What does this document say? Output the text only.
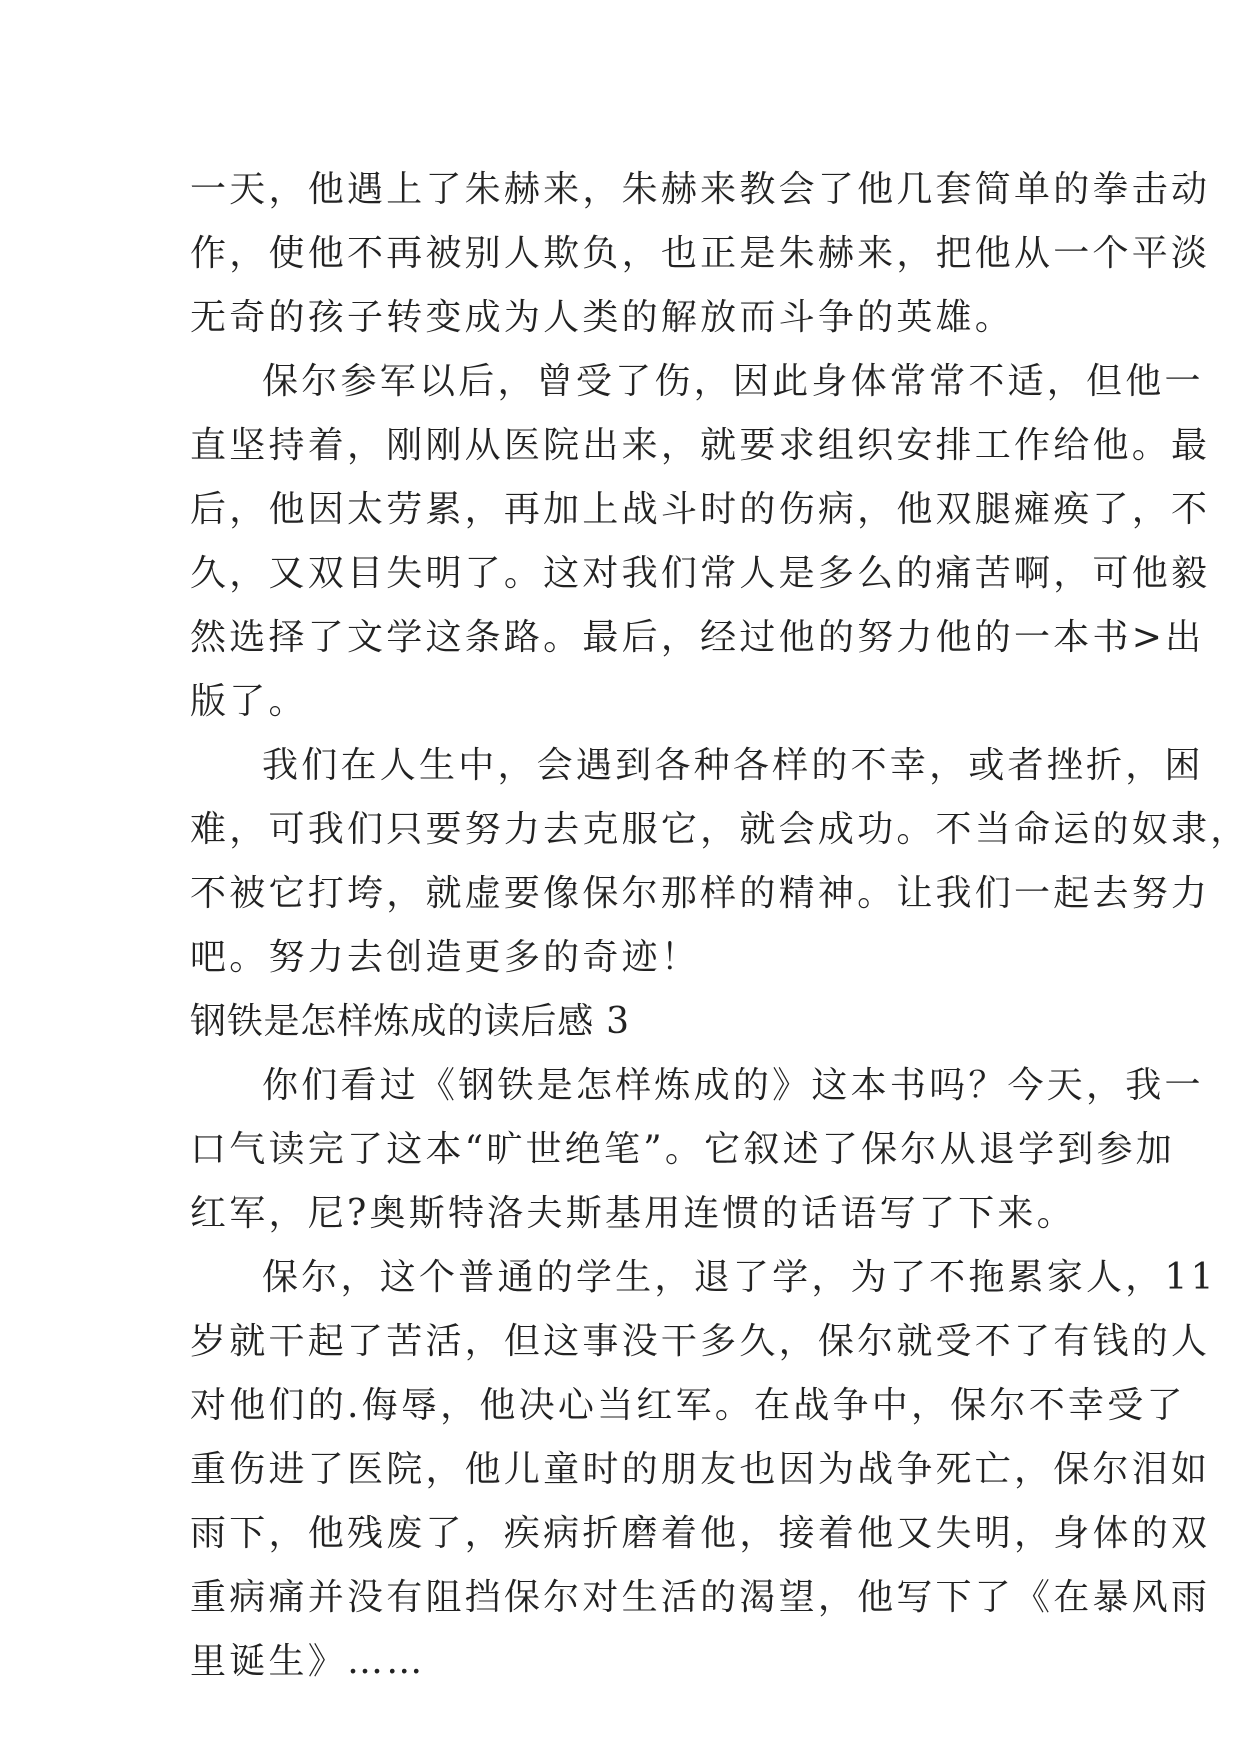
一天，他遇上了朱赫来，朱赫来教会了他几套简单的拳击动
作，使他不再被别人欺负，也正是朱赫来，把他从一个平淡
无奇的孩子转变成为人类的解放而斗争的英雄。
保尔参军以后，曾受了伤，因此身体常常不适，但他一
直坚持着，刚刚从医院出来，就要求组织安排工作给他。最
后，他因太劳累，再加上战斗时的伤病，他双腿瘫痪了，不
久，又双目失明了。这对我们常人是多么的痛苦啊，可他毅
然选择了文学这条路。最后，经过他的努力他的一本书>出
版了。
我们在人生中，会遇到各种各样的不幸，或者挫折，困
难，可我们只要努力去克服它，就会成功。不当命运的奴隶，
不被它打垮，就虚要像保尔那样的精神。让我们一起去努力
吧。努力去创造更多的奇迹！
钢铁是怎样炼成的读后感 3
你们看过《钢铁是怎样炼成的》这本书吗？今天，我一
口气读完了这本“旷世绝笔”。它叙述了保尔从退学到参加
红军，尼?奥斯特洛夫斯基用连惯的话语写了下来。
保尔，这个普通的学生，退了学，为了不拖累家人，11
岁就干起了苦活，但这事没干多久，保尔就受不了有钱的人
对他们的.侮辱，他决心当红军。在战争中，保尔不幸受了
重伤进了医院，他儿童时的朋友也因为战争死亡，保尔泪如
雨下，他残废了，疾病折磨着他，接着他又失明，身体的双
重病痛并没有阻挡保尔对生活的渴望，他写下了《在暴风雨
里诞生》……
